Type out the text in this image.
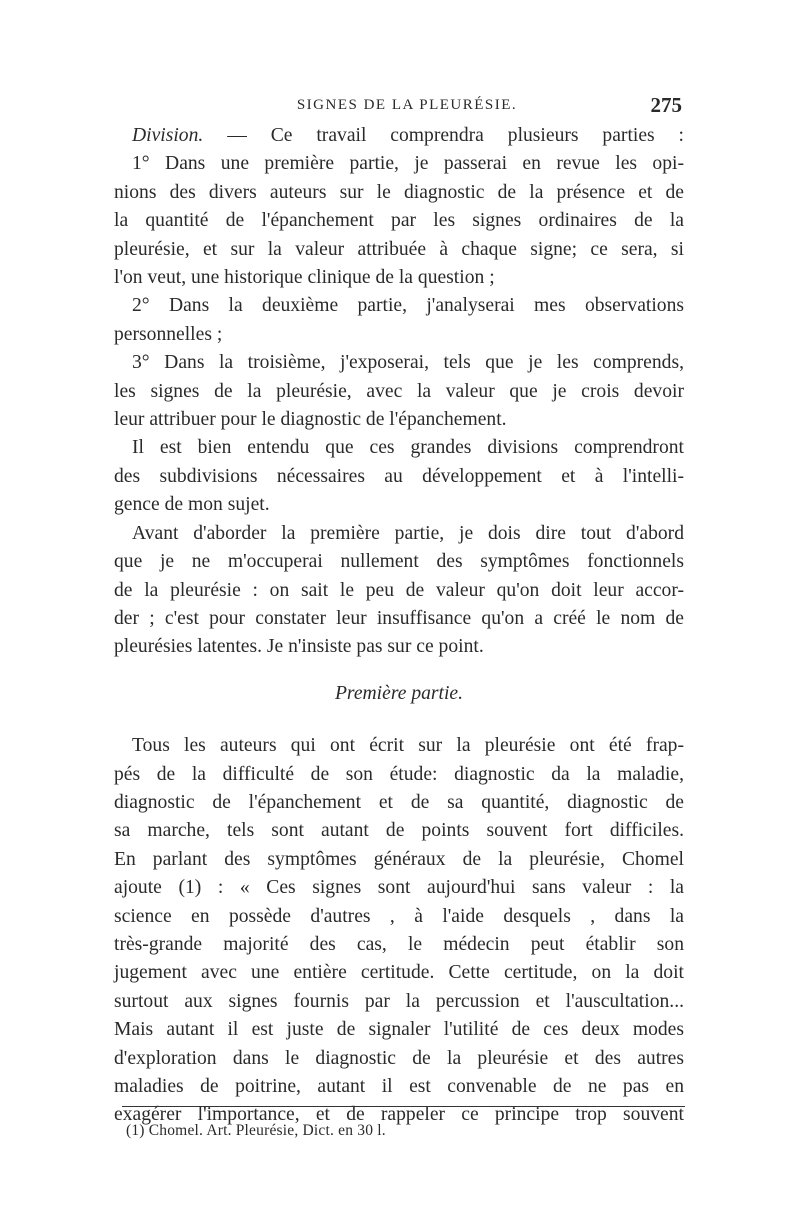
SIGNES DE LA PLEURÉSIE.	275

Division. — Ce travail comprendra plusieurs parties :

1° Dans une première partie, je passerai en revue les opi-

nions des divers auteurs sur le diagnostic de la présence et de

la quantité de l'épanchement par les signes ordinaires de la

pleurésie, et sur la valeur attribuée à chaque signe; ce sera, si

l'on veut, une historique clinique de la question ;

2° Dans la deuxième partie, j'analyserai mes observations

personnelles ;

3° Dans la troisième, j'exposerai, tels que je les comprends,

les signes de la pleurésie, avec la valeur que je crois devoir

leur attribuer pour le diagnostic de l'épanchement.

Il est bien entendu que ces grandes divisions comprendront

des subdivisions nécessaires au développement et à l'intelli-

gence de mon sujet.

Avant d'aborder la première partie, je dois dire tout d'abord

que je ne m'occuperai nullement des symptômes fonctionnels

de la pleurésie : on sait le peu de valeur qu'on doit leur accor-

der ; c'est pour constater leur insuffisance qu'on a créé le nom de

pleurésies latentes. Je n'insiste pas sur ce point.

Première partie.

Tous les auteurs qui ont écrit sur la pleurésie ont été frap-

pés de la difficulté de son étude: diagnostic da la maladie,

diagnostic de l'épanchement et de sa quantité, diagnostic de

sa marche, tels sont autant de points souvent fort difficiles.

En parlant des symptômes généraux de la pleurésie, Chomel

ajoute (1) : « Ces signes sont aujourd'hui sans valeur : la

science en possède d'autres , à l'aide desquels , dans la

très-grande majorité des cas, le médecin peut établir son

jugement avec une entière certitude. Cette certitude, on la doit

surtout aux signes fournis par la percussion et l'auscultation...

Mais autant il est juste de signaler l'utilité de ces deux modes

d'exploration dans le diagnostic de la pleurésie et des autres

maladies de poitrine, autant il est convenable de ne pas en

exagérer l'importance, et de rappeler ce principe trop souvent

(1) Chomel. Art. Pleurésie, Dict. en 30 l.
